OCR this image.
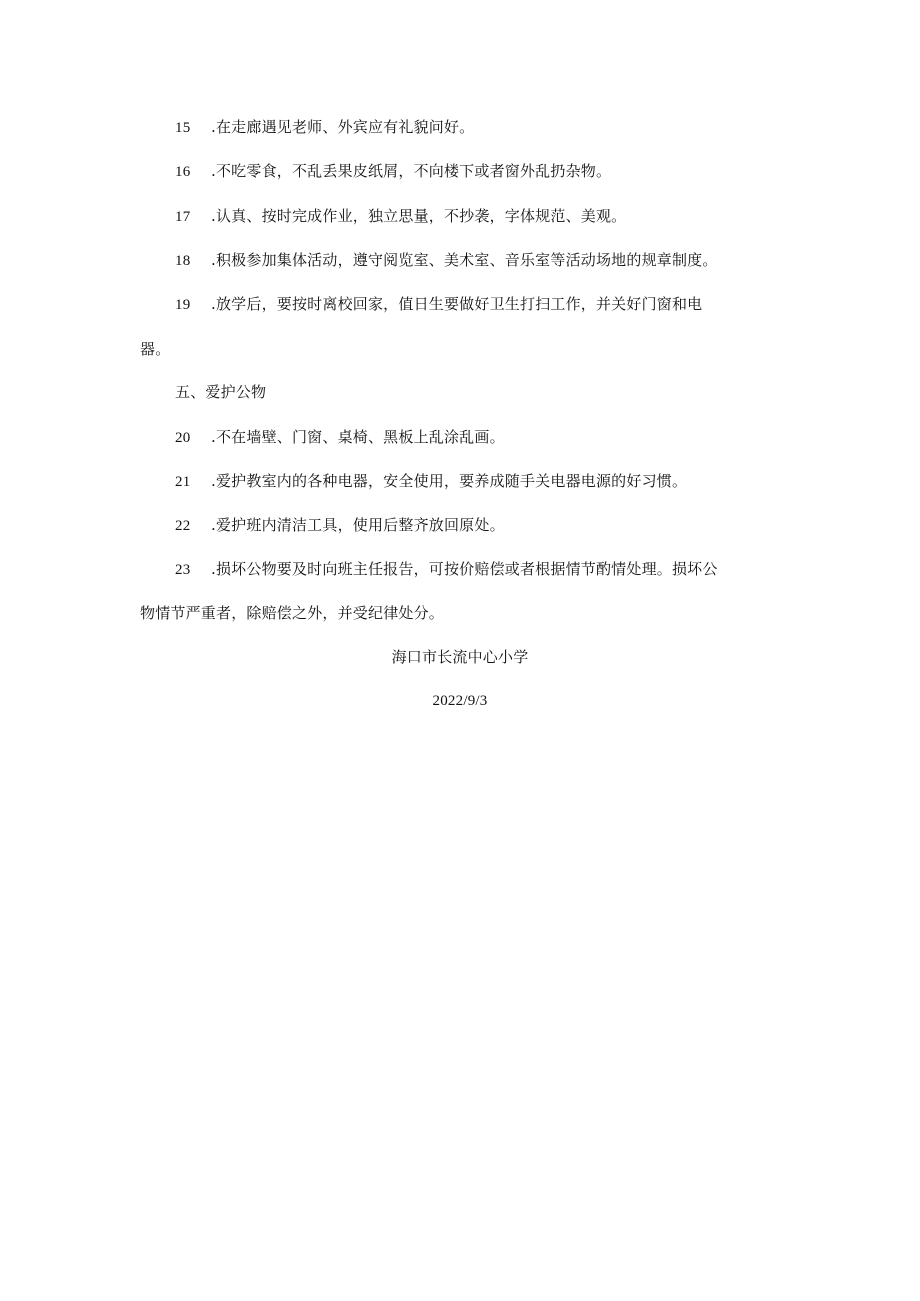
15 .在走廊遇见老师、外宾应有礼貌问好。
16 .不吃零食，不乱丢果皮纸屑，不向楼下或者窗外乱扔杂物。
17 .认真、按时完成作业，独立思量，不抄袭，字体规范、美观。
18 .积极参加集体活动，遵守阅览室、美术室、音乐室等活动场地的规章制度。
19 .放学后，要按时离校回家，值日生要做好卫生打扫工作，并关好门窗和电
器。
五、爱护公物
20 .不在墙壁、门窗、桌椅、黑板上乱涂乱画。
21 .爱护教室内的各种电器，安全使用，要养成随手关电器电源的好习惯。
22 .爱护班内清洁工具，使用后整齐放回原处。
23 .损坏公物要及时向班主任报告，可按价赔偿或者根据情节酌情处理。损坏公
物情节严重者，除赔偿之外，并受纪律处分。
海口市长流中心小学
2022/9/3
